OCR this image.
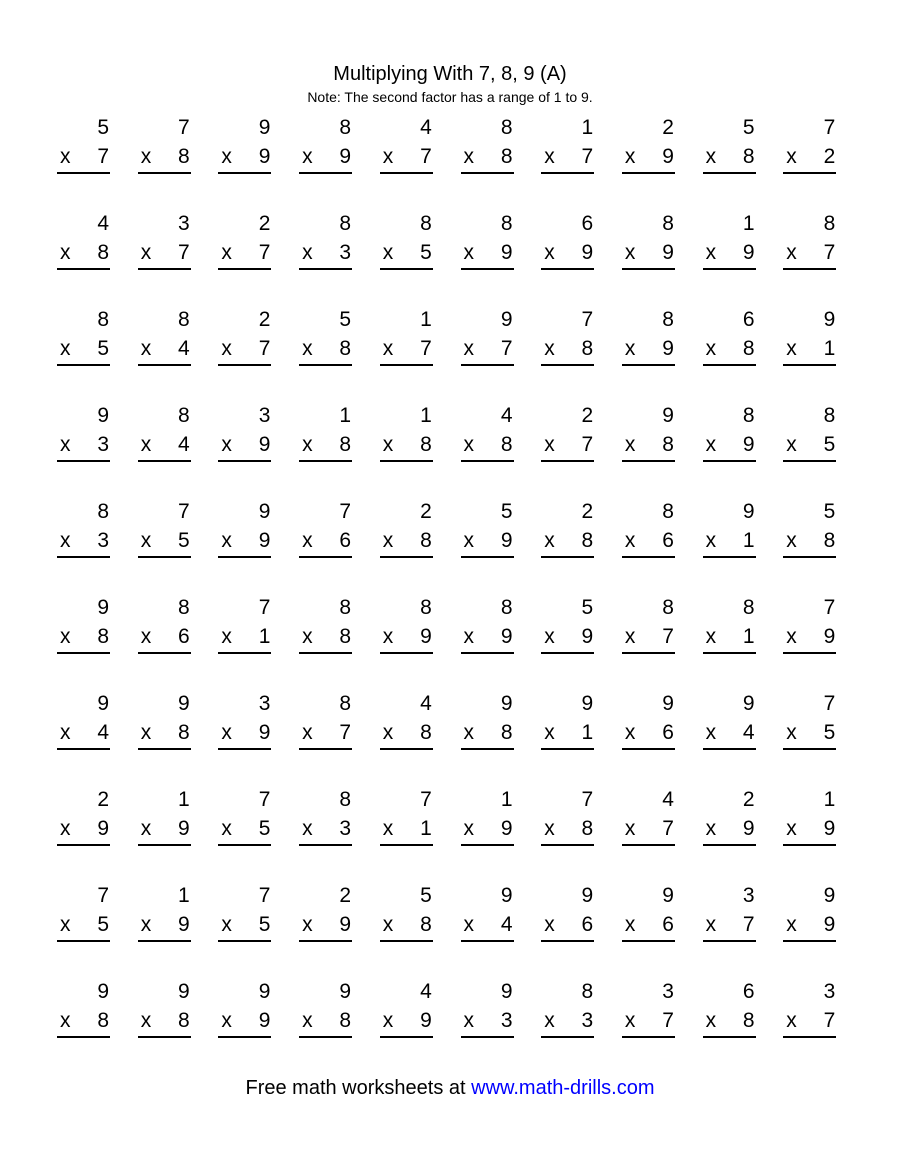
Multiplying With 7, 8, 9 (A)
Note: The second factor has a range of 1 to 9.
5
x 7
7
x 8
9
x 9
8
x 9
4
x 7
8
x 8
1
x 7
2
x 9
5
x 8
7
x 2
4
x 8
3
x 7
2
x 7
8
x 3
8
x 5
8
x 9
6
x 9
8
x 9
1
x 9
8
x 7
8
x 5
8
x 4
2
x 7
5
x 8
1
x 7
9
x 7
7
x 8
8
x 9
6
x 8
9
x 1
9
x 3
8
x 4
3
x 9
1
x 8
1
x 8
4
x 8
2
x 7
9
x 8
8
x 9
8
x 5
8
x 3
7
x 5
9
x 9
7
x 6
2
x 8
5
x 9
2
x 8
8
x 6
9
x 1
5
x 8
9
x 8
8
x 6
7
x 1
8
x 8
8
x 9
8
x 9
5
x 9
8
x 7
8
x 1
7
x 9
9
x 4
9
x 8
3
x 9
8
x 7
4
x 8
9
x 8
9
x 1
9
x 6
9
x 4
7
x 5
2
x 9
1
x 9
7
x 5
8
x 3
7
x 1
1
x 9
7
x 8
4
x 7
2
x 9
1
x 9
7
x 5
1
x 9
7
x 5
2
x 9
5
x 8
9
x 4
9
x 6
9
x 6
3
x 7
9
x 9
9
x 8
9
x 8
9
x 9
9
x 8
4
x 9
9
x 3
8
x 3
3
x 7
6
x 8
3
x 7
Free math worksheets at www.math-drills.com
